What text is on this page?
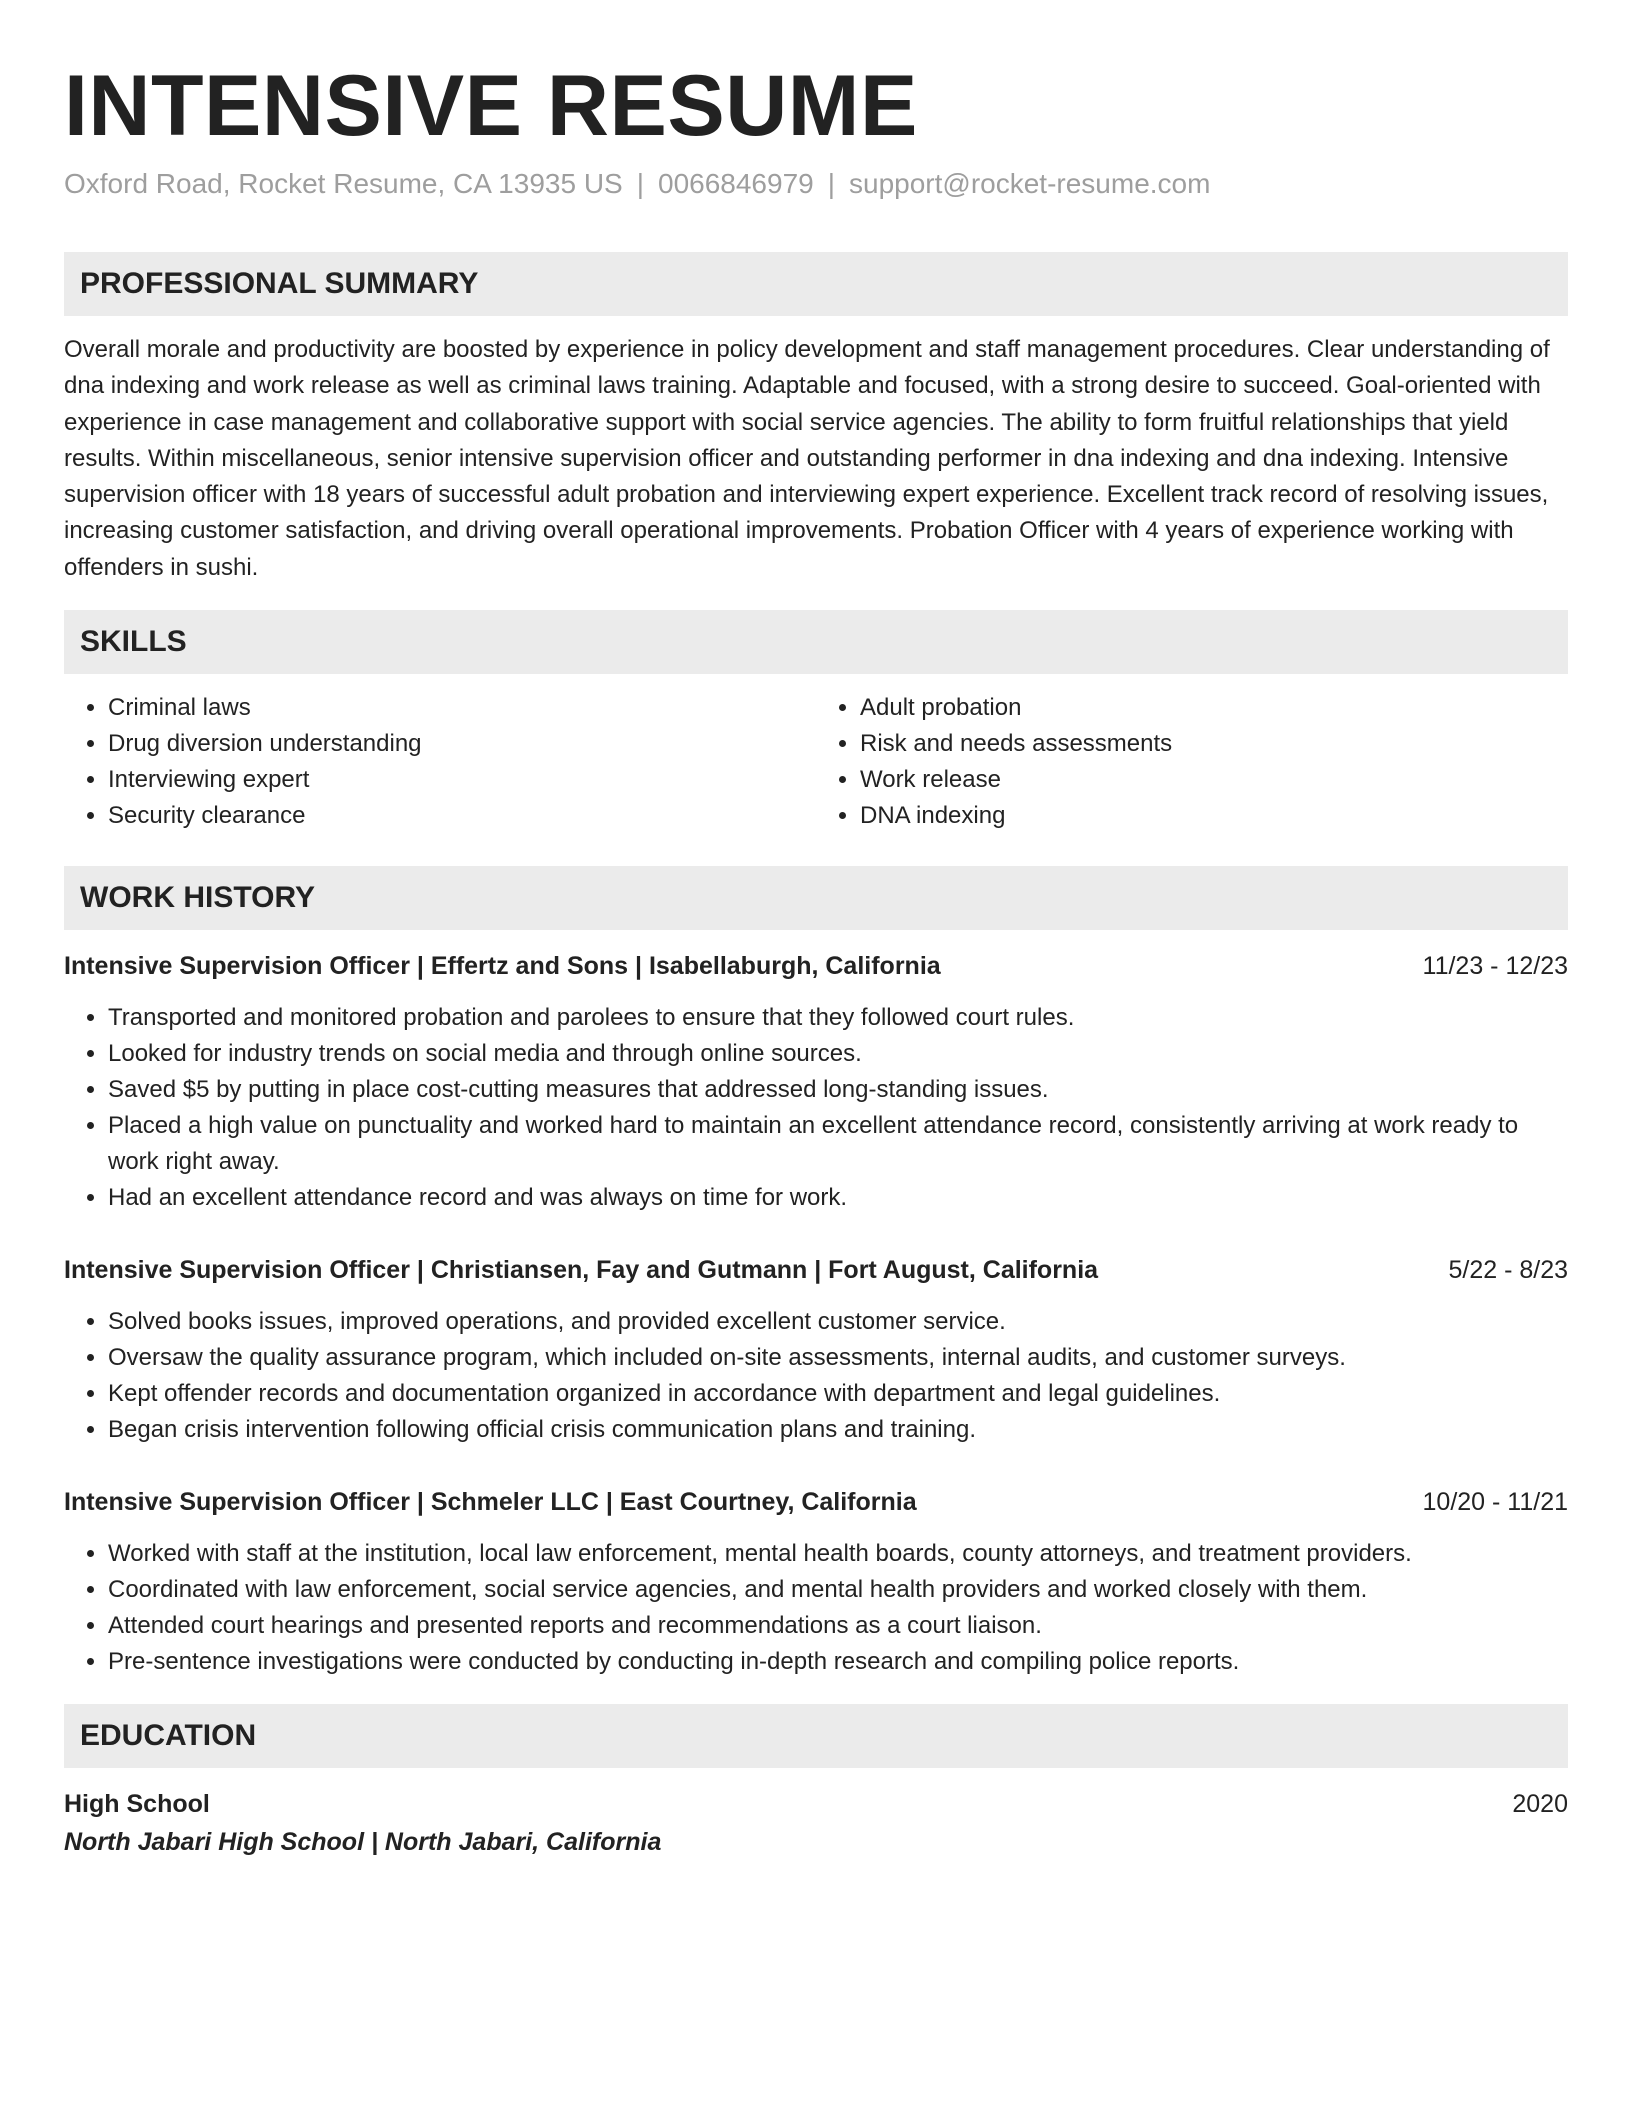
INTENSIVE RESUME
Oxford Road, Rocket Resume, CA 13935 US | 0066846979 | support@rocket-resume.com
PROFESSIONAL SUMMARY

Overall morale and productivity are boosted by experience in policy development and staff management procedures. Clear understanding of dna indexing and work release as well as criminal laws training. Adaptable and focused, with a strong desire to succeed. Goal-oriented with experience in case management and collaborative support with social service agencies. The ability to form fruitful relationships that yield results. Within miscellaneous, senior intensive supervision officer and outstanding performer in dna indexing and dna indexing. Intensive supervision officer with 18 years of successful adult probation and interviewing expert experience. Excellent track record of resolving issues, increasing customer satisfaction, and driving overall operational improvements. Probation Officer with 4 years of experience working with offenders in sushi.

SKILLS
• Criminal laws
• Drug diversion understanding
• Interviewing expert
• Security clearance
• Adult probation
• Risk and needs assessments
• Work release
• DNA indexing
WORK HISTORY
Intensive Supervision Officer | Effertz and Sons | Isabellaburgh, California	11/23 - 12/23
• Transported and monitored probation and parolees to ensure that they followed court rules.
• Looked for industry trends on social media and through online sources.
• Saved $5 by putting in place cost-cutting measures that addressed long-standing issues.
• Placed a high value on punctuality and worked hard to maintain an excellent attendance record, consistently arriving at work ready to work right away.
• Had an excellent attendance record and was always on time for work.
Intensive Supervision Officer | Christiansen, Fay and Gutmann | Fort August, California	5/22 - 8/23
• Solved books issues, improved operations, and provided excellent customer service.
• Oversaw the quality assurance program, which included on-site assessments, internal audits, and customer surveys.
• Kept offender records and documentation organized in accordance with department and legal guidelines.
• Began crisis intervention following official crisis communication plans and training.
Intensive Supervision Officer | Schmeler LLC | East Courtney, California	10/20 - 11/21
• Worked with staff at the institution, local law enforcement, mental health boards, county attorneys, and treatment providers.
• Coordinated with law enforcement, social service agencies, and mental health providers and worked closely with them.
• Attended court hearings and presented reports and recommendations as a court liaison.
• Pre-sentence investigations were conducted by conducting in-depth research and compiling police reports.
EDUCATION
High School	2020
North Jabari High School | North Jabari, California
